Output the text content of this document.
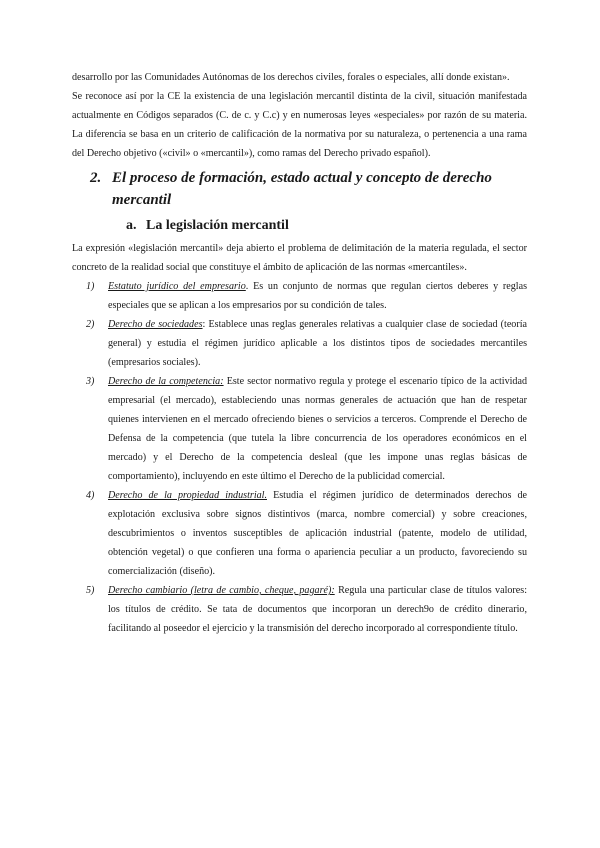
desarrollo por las Comunidades Autónomas de los derechos civiles, forales o especiales, allí donde existan».

Se reconoce así por la CE la existencia de una legislación mercantil distinta de la civil, situación manifestada actualmente en Códigos separados (C. de c. y C.c) y en numerosas leyes «especiales» por razón de su materia. La diferencia se basa en un criterio de calificación de la normativa por su naturaleza, o pertenencia a una rama del Derecho objetivo («civil» o «mercantil»), como ramas del Derecho privado español).

2. El proceso de formación, estado actual y concepto de derecho
mercantil
a. La legislación mercantil

La expresión «legislación mercantil» deja abierto el problema de delimitación de la materia regulada, el sector concreto de la realidad social que constituye el ámbito de aplicación de las normas «mercantiles».

1) Estatuto jurídico del empresario. Es un conjunto de normas que regulan ciertos deberes y reglas especiales que se aplican a los empresarios por su condición de tales.
2) Derecho de sociedades: Establece unas reglas generales relativas a cualquier clase de sociedad (teoría general) y estudia el régimen jurídico aplicable a los distintos tipos de sociedades mercantiles (empresarios sociales).
3) Derecho de la competencia: Este sector normativo regula y protege el escenario típico de la actividad empresarial (el mercado), estableciendo unas normas generales de actuación que han de respetar quienes intervienen en el mercado ofreciendo bienes o servicios a terceros. Comprende el Derecho de Defensa de la competencia (que tutela la libre concurrencia de los operadores económicos en el mercado) y el Derecho de la competencia desleal (que les impone unas reglas básicas de comportamiento), incluyendo en este último el Derecho de la publicidad comercial.
4) Derecho de la propiedad industrial. Estudia el régimen jurídico de determinados derechos de explotación exclusiva sobre signos distintivos (marca, nombre comercial) y sobre creaciones, descubrimientos o inventos susceptibles de aplicación industrial (patente, modelo de utilidad, obtención vegetal) o que confieren una forma o apariencia peculiar a un producto, favoreciendo su comercialización (diseño).
5) Derecho cambiario (letra de cambio, cheque, pagaré): Regula una particular clase de títulos valores: los títulos de crédito. Se tata de documentos que incorporan un derech9o de crédito dinerario, facilitando al poseedor el ejercicio y la transmisión del derecho incorporado al correspondiente título.
